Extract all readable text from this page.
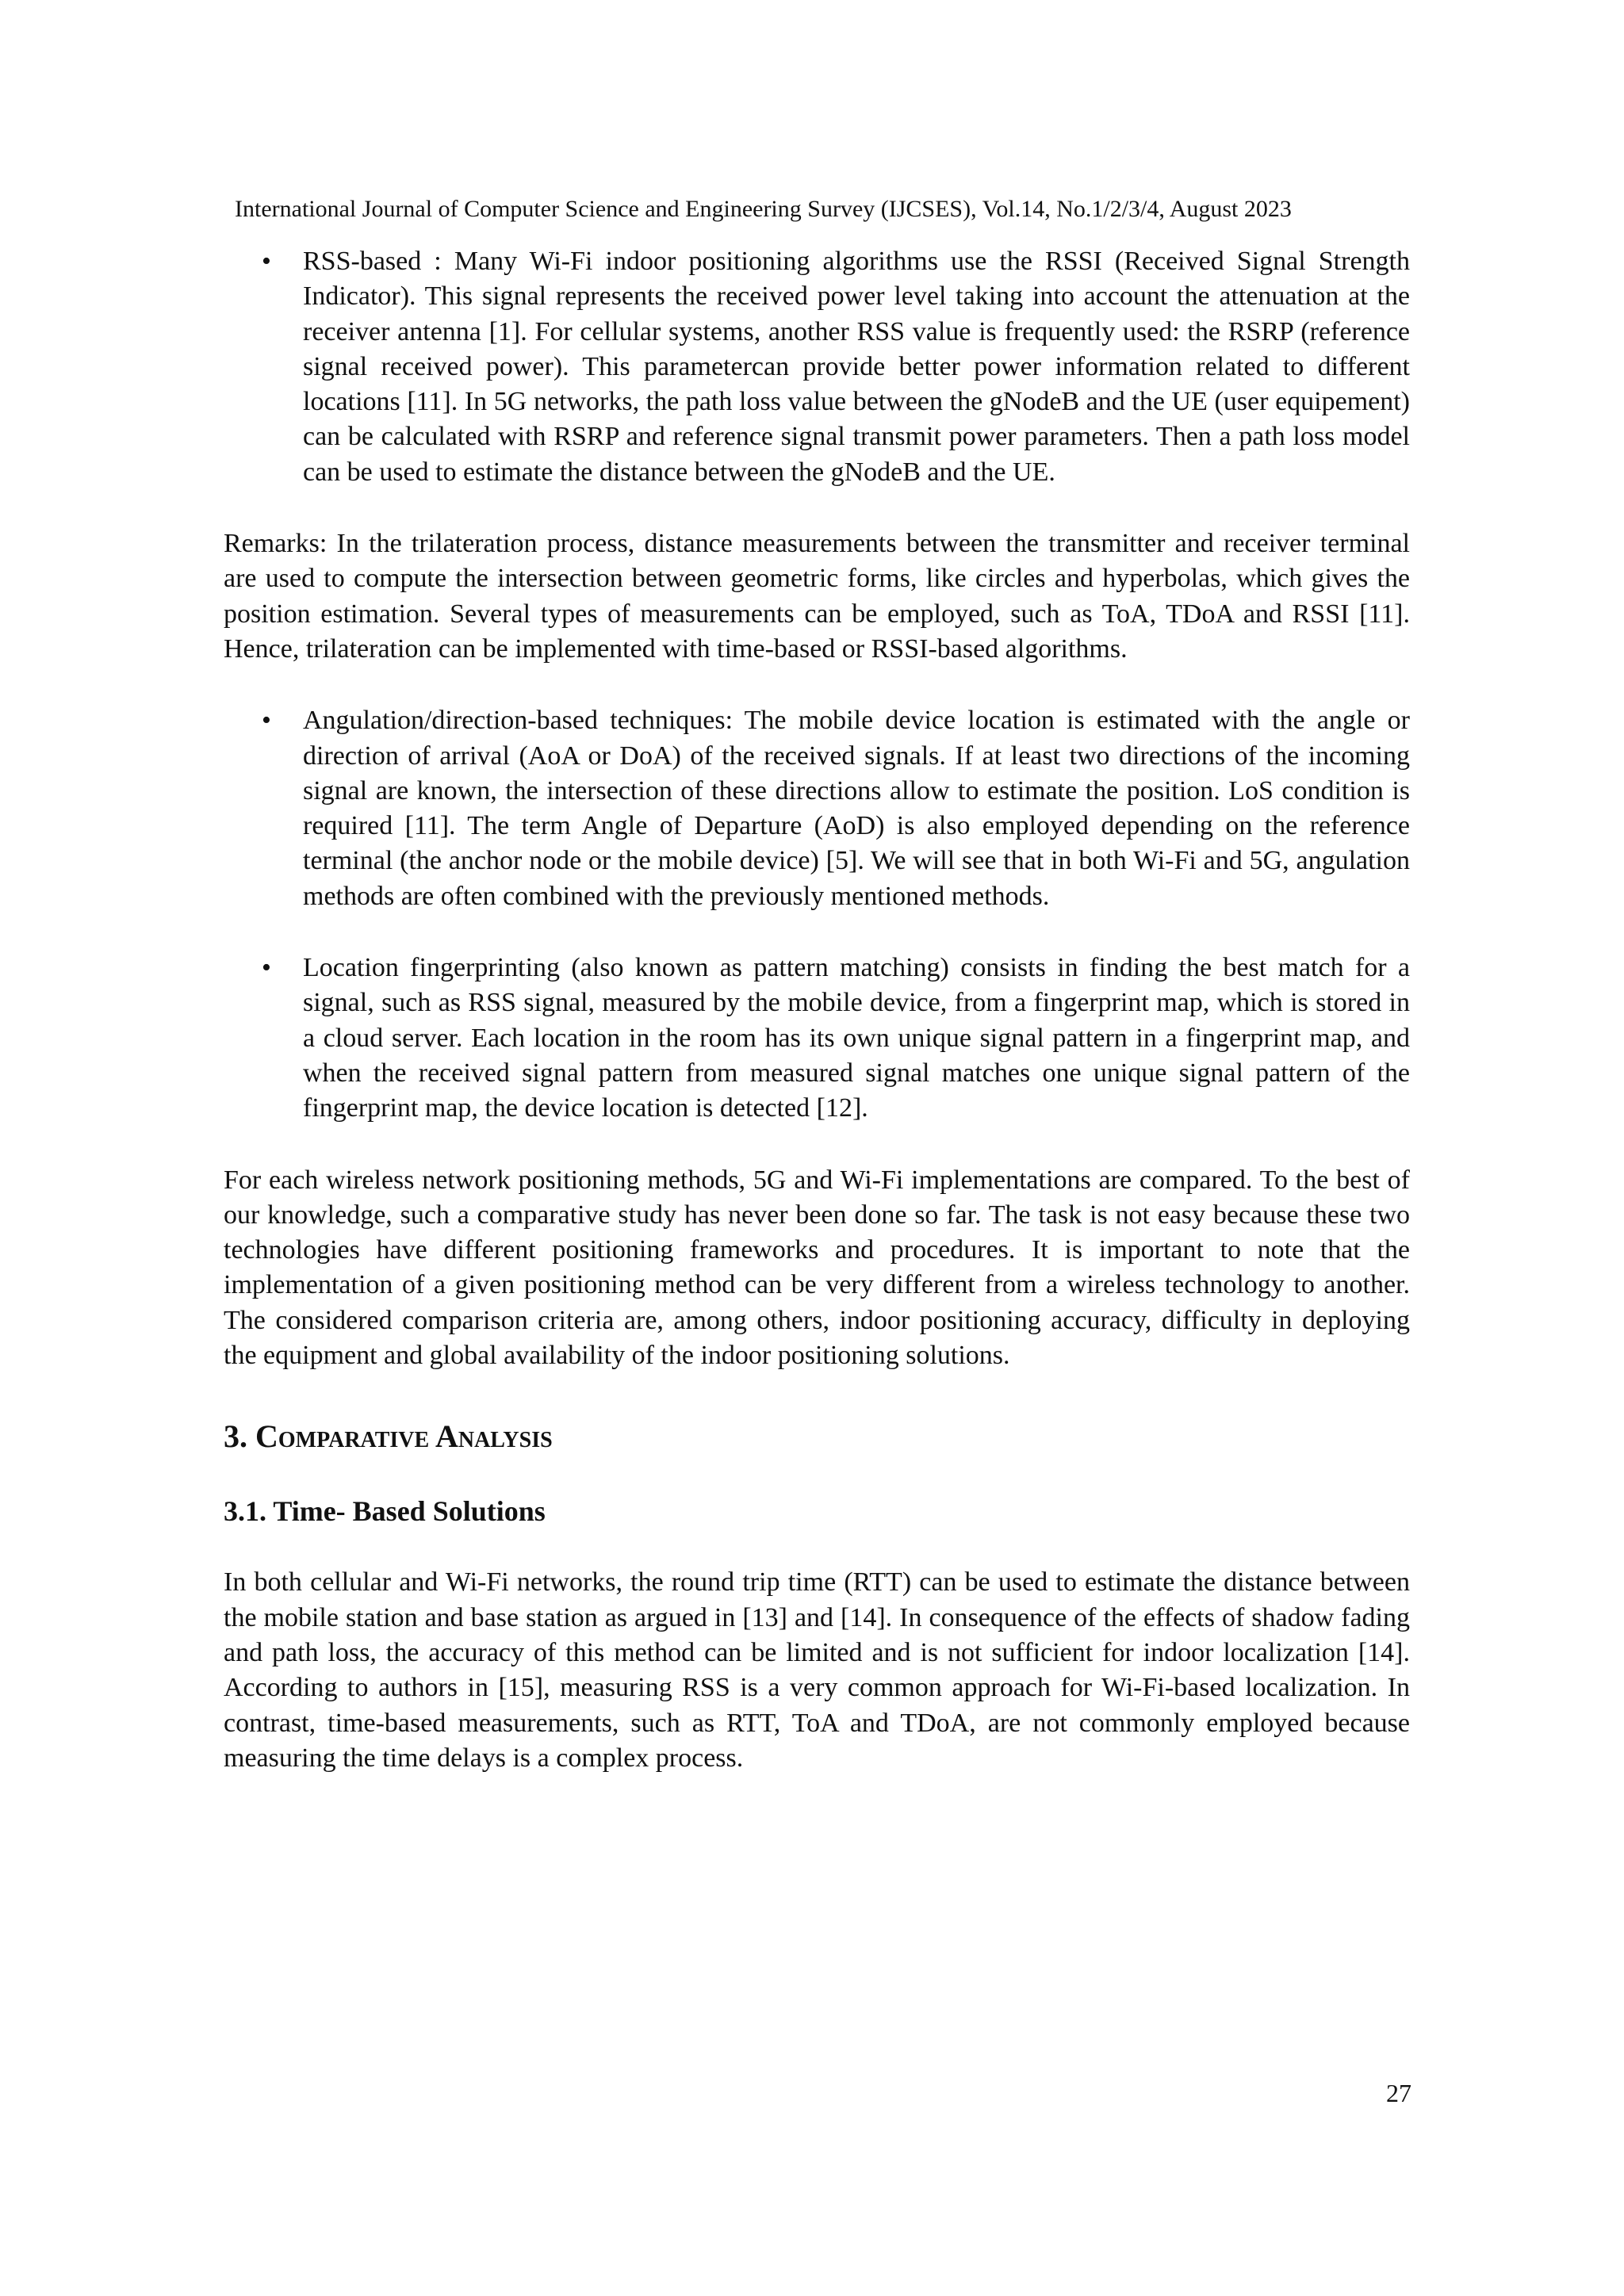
International Journal of Computer Science and Engineering Survey (IJCSES), Vol.14, No.1/2/3/4, August 2023
• RSS-based : Many Wi-Fi indoor positioning algorithms use the RSSI (Received Signal Strength Indicator). This signal represents the received power level taking into account the attenuation at the receiver antenna [1]. For cellular systems, another RSS value is frequently used: the RSRP (reference signal received power). This parametercan provide better power information related to different locations [11]. In 5G networks, the path loss value between the gNodeB and the UE (user equipement) can be calculated with RSRP and reference signal transmit power parameters. Then a path loss model can be used to estimate the distance between the gNodeB and the UE.

Remarks: In the trilateration process, distance measurements between the transmitter and receiver terminal are used to compute the intersection between geometric forms, like circles and hyperbolas, which gives the position estimation. Several types of measurements can be employed, such as ToA, TDoA and RSSI [11]. Hence, trilateration can be implemented with time-based or RSSI-based algorithms.

• Angulation/direction-based techniques: The mobile device location is estimated with the angle or direction of arrival (AoA or DoA) of the received signals. If at least two directions of the incoming signal are known, the intersection of these directions allow to estimate the position. LoS condition is required [11]. The term Angle of Departure (AoD) is also employed depending on the reference terminal (the anchor node or the mobile device) [5]. We will see that in both Wi-Fi and 5G, angulation methods are often combined with the previously mentioned methods.

• Location fingerprinting (also known as pattern matching) consists in finding the best match for a signal, such as RSS signal, measured by the mobile device, from a fingerprint map, which is stored in a cloud server. Each location in the room has its own unique signal pattern in a fingerprint map, and when the received signal pattern from measured signal matches one unique signal pattern of the fingerprint map, the device location is detected [12].

For each wireless network positioning methods, 5G and Wi-Fi implementations are compared. To the best of our knowledge, such a comparative study has never been done so far. The task is not easy because these two technologies have different positioning frameworks and procedures. It is important to note that the implementation of a given positioning method can be very different from a wireless technology to another. The considered comparison criteria are, among others, indoor positioning accuracy, difficulty in deploying the equipment and global availability of the indoor positioning solutions.

3. Comparative Analysis
3.1. Time- Based Solutions

In both cellular and Wi-Fi networks, the round trip time (RTT) can be used to estimate the distance between the mobile station and base station as argued in [13] and [14]. In consequence of the effects of shadow fading and path loss, the accuracy of this method can be limited and is not sufficient for indoor localization [14]. According to authors in [15], measuring RSS is a very common approach for Wi-Fi-based localization. In contrast, time-based measurements, such as RTT, ToA and TDoA, are not commonly employed because measuring the time delays is a complex process.

27
